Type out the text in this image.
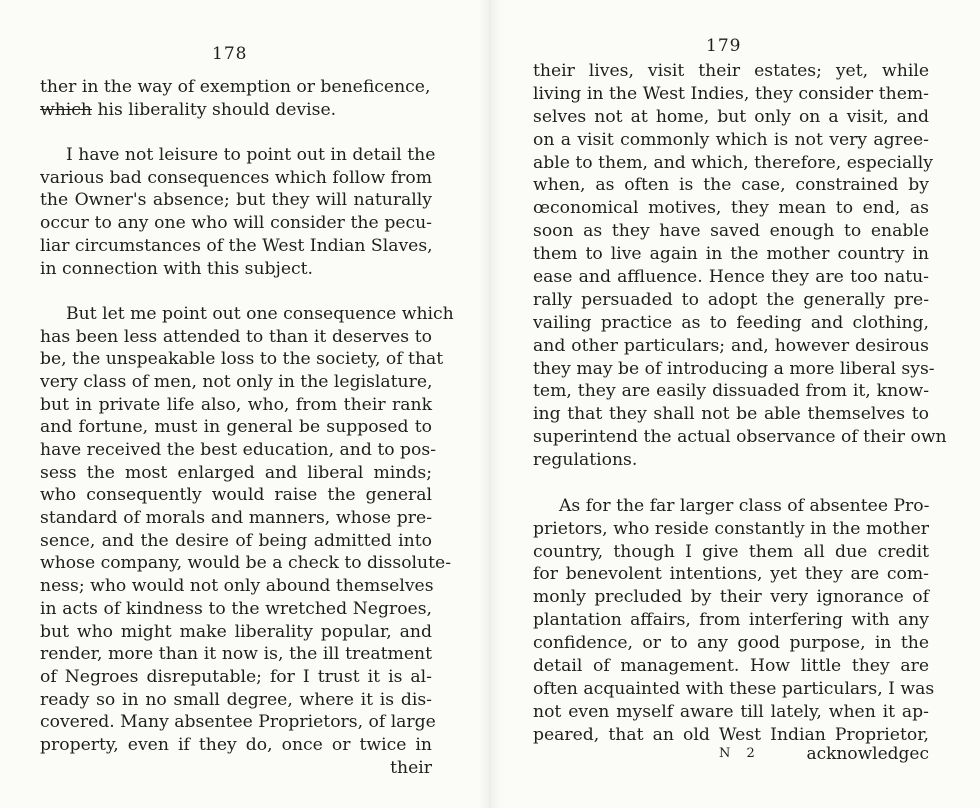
178
ther in the way of exemption or beneficence,
which his liberality should devise.
I have not leisure to point out in detail the
various bad consequences which follow from
the Owner's absence; but they will naturally
occur to any one who will consider the pecu-
liar circumstances of the West Indian Slaves,
in connection with this subject.
But let me point out one consequence which
has been less attended to than it deserves to
be, the unspeakable loss to the society, of that
very class of men, not only in the legislature,
but in private life also, who, from their rank
and fortune, must in general be supposed to
have received the best education, and to pos-
sess the most enlarged and liberal minds;
who consequently would raise the general
standard of morals and manners, whose pre-
sence, and the desire of being admitted into
whose company, would be a check to dissolute-
ness; who would not only abound themselves
in acts of kindness to the wretched Negroes,
but who might make liberality popular, and
render, more than it now is, the ill treatment
of Negroes disreputable; for I trust it is al-
ready so in no small degree, where it is dis-
covered. Many absentee Proprietors, of large
property, even if they do, once or twice in
their
179
their lives, visit their estates; yet, while
living in the West Indies, they consider them-
selves not at home, but only on a visit, and
on a visit commonly which is not very agree-
able to them, and which, therefore, especially
when, as often is the case, constrained by
œconomical motives, they mean to end, as
soon as they have saved enough to enable
them to live again in the mother country in
ease and affluence. Hence they are too natu-
rally persuaded to adopt the generally pre-
vailing practice as to feeding and clothing,
and other particulars; and, however desirous
they may be of introducing a more liberal sys-
tem, they are easily dissuaded from it, know-
ing that they shall not be able themselves to
superintend the actual observance of their own
regulations.
As for the far larger class of absentee Pro-
prietors, who reside constantly in the mother
country, though I give them all due credit
for benevolent intentions, yet they are com-
monly precluded by their very ignorance of
plantation affairs, from interfering with any
confidence, or to any good purpose, in the
detail of management. How little they are
often acquainted with these particulars, I was
not even myself aware till lately, when it ap-
peared, that an old West Indian Proprietor,
N 2	acknowledgec
